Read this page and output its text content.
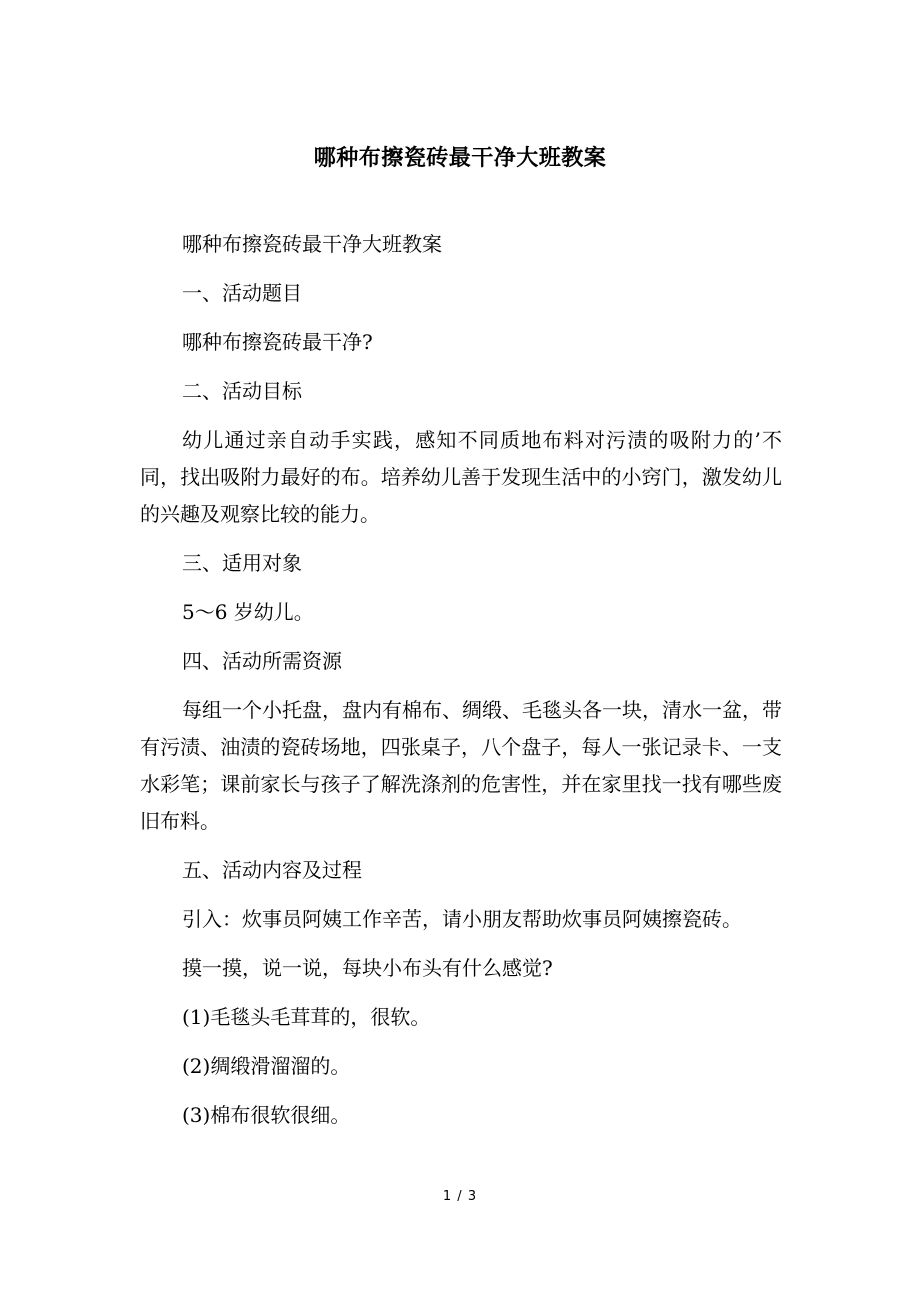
哪种布擦瓷砖最干净大班教案

哪种布擦瓷砖最干净大班教案

一、活动题目

哪种布擦瓷砖最干净?

二、活动目标

幼儿通过亲自动手实践，感知不同质地布料对污渍的吸附力的’不同，找出吸附力最好的布。培养幼儿善于发现生活中的小窍门，激发幼儿的兴趣及观察比较的能力。

三、适用对象

5～6 岁幼儿。

四、活动所需资源

每组一个小托盘，盘内有棉布、绸缎、毛毯头各一块，清水一盆，带有污渍、油渍的瓷砖场地，四张桌子，八个盘子，每人一张记录卡、一支水彩笔；课前家长与孩子了解洗涤剂的危害性，并在家里找一找有哪些废旧布料。

五、活动内容及过程

引入：炊事员阿姨工作辛苦，请小朋友帮助炊事员阿姨擦瓷砖。

摸一摸，说一说，每块小布头有什么感觉?

(1)毛毯头毛茸茸的，很软。

(2)绸缎滑溜溜的。

(3)棉布很软很细。

1 / 3
